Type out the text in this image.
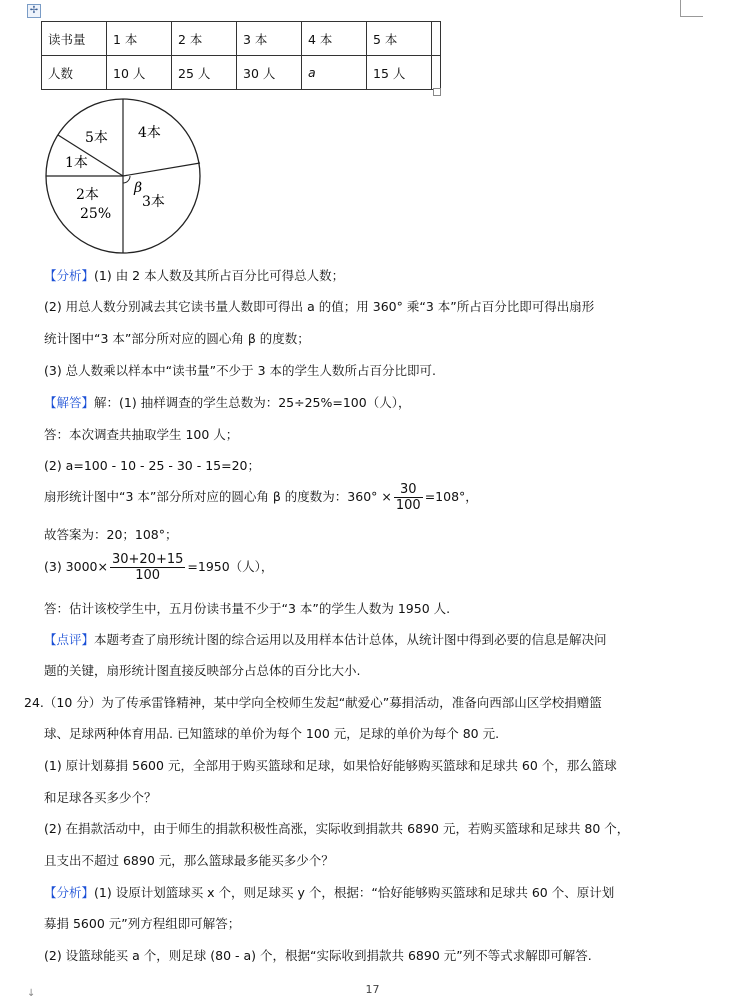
✢
读书量	1 本	2 本	3 本	4 本	5 本	
人数	10 人	25 人	30 人	a	15 人	
4本
3本
2本
25%
1本
5本
β
【分析】(1) 由 2 本人数及其所占百分比可得总人数；
(2) 用总人数分别减去其它读书量人数即可得出 a 的值；用 360° 乘“3 本”所占百分比即可得出扇形
统计图中“3 本”部分所对应的圆心角 β 的度数；
(3) 总人数乘以样本中“读书量”不少于 3 本的学生人数所占百分比即可.
【解答】解：(1) 抽样调查的学生总数为：25÷25%=100（人），
答：本次调查共抽取学生 100 人；
(2) a=100 - 10 - 25 - 30 - 15=20；
扇形统计图中“3 本”部分所对应的圆心角 β 的度数为：$360^\circ \times \frac{30}{100} =108^\circ$，
故答案为：20；108°；
(3) $3000\times \frac{30+20+15}{100} =1950$（人），
答：估计该校学生中，五月份读书量不少于“3 本”的学生人数为 1950 人.
【点评】本题考查了扇形统计图的综合运用以及用样本估计总体，从统计图中得到必要的信息是解决问
题的关键，扇形统计图直接反映部分占总体的百分比大小.
24.（10 分）为了传承雷锋精神，某中学向全校师生发起“献爱心”募捐活动，准备向西部山区学校捐赠篮
球、足球两种体育用品. 已知篮球的单价为每个 100 元，足球的单价为每个 80 元.
(1) 原计划募捐 5600 元，全部用于购买篮球和足球，如果恰好能够购买篮球和足球共 60 个，那么篮球
和足球各买多少个？
(2) 在捐款活动中，由于师生的捐款积极性高涨，实际收到捐款共 6890 元，若购买篮球和足球共 80 个，
且支出不超过 6890 元，那么篮球最多能买多少个？
【分析】(1) 设原计划篮球买 x 个，则足球买 y 个，根据：“恰好能够购买篮球和足球共 60 个、原计划
募捐 5600 元”列方程组即可解答；
(2) 设篮球能买 a 个，则足球 (80 - a) 个，根据“实际收到捐款共 6890 元”列不等式求解即可解答.
↓	17
